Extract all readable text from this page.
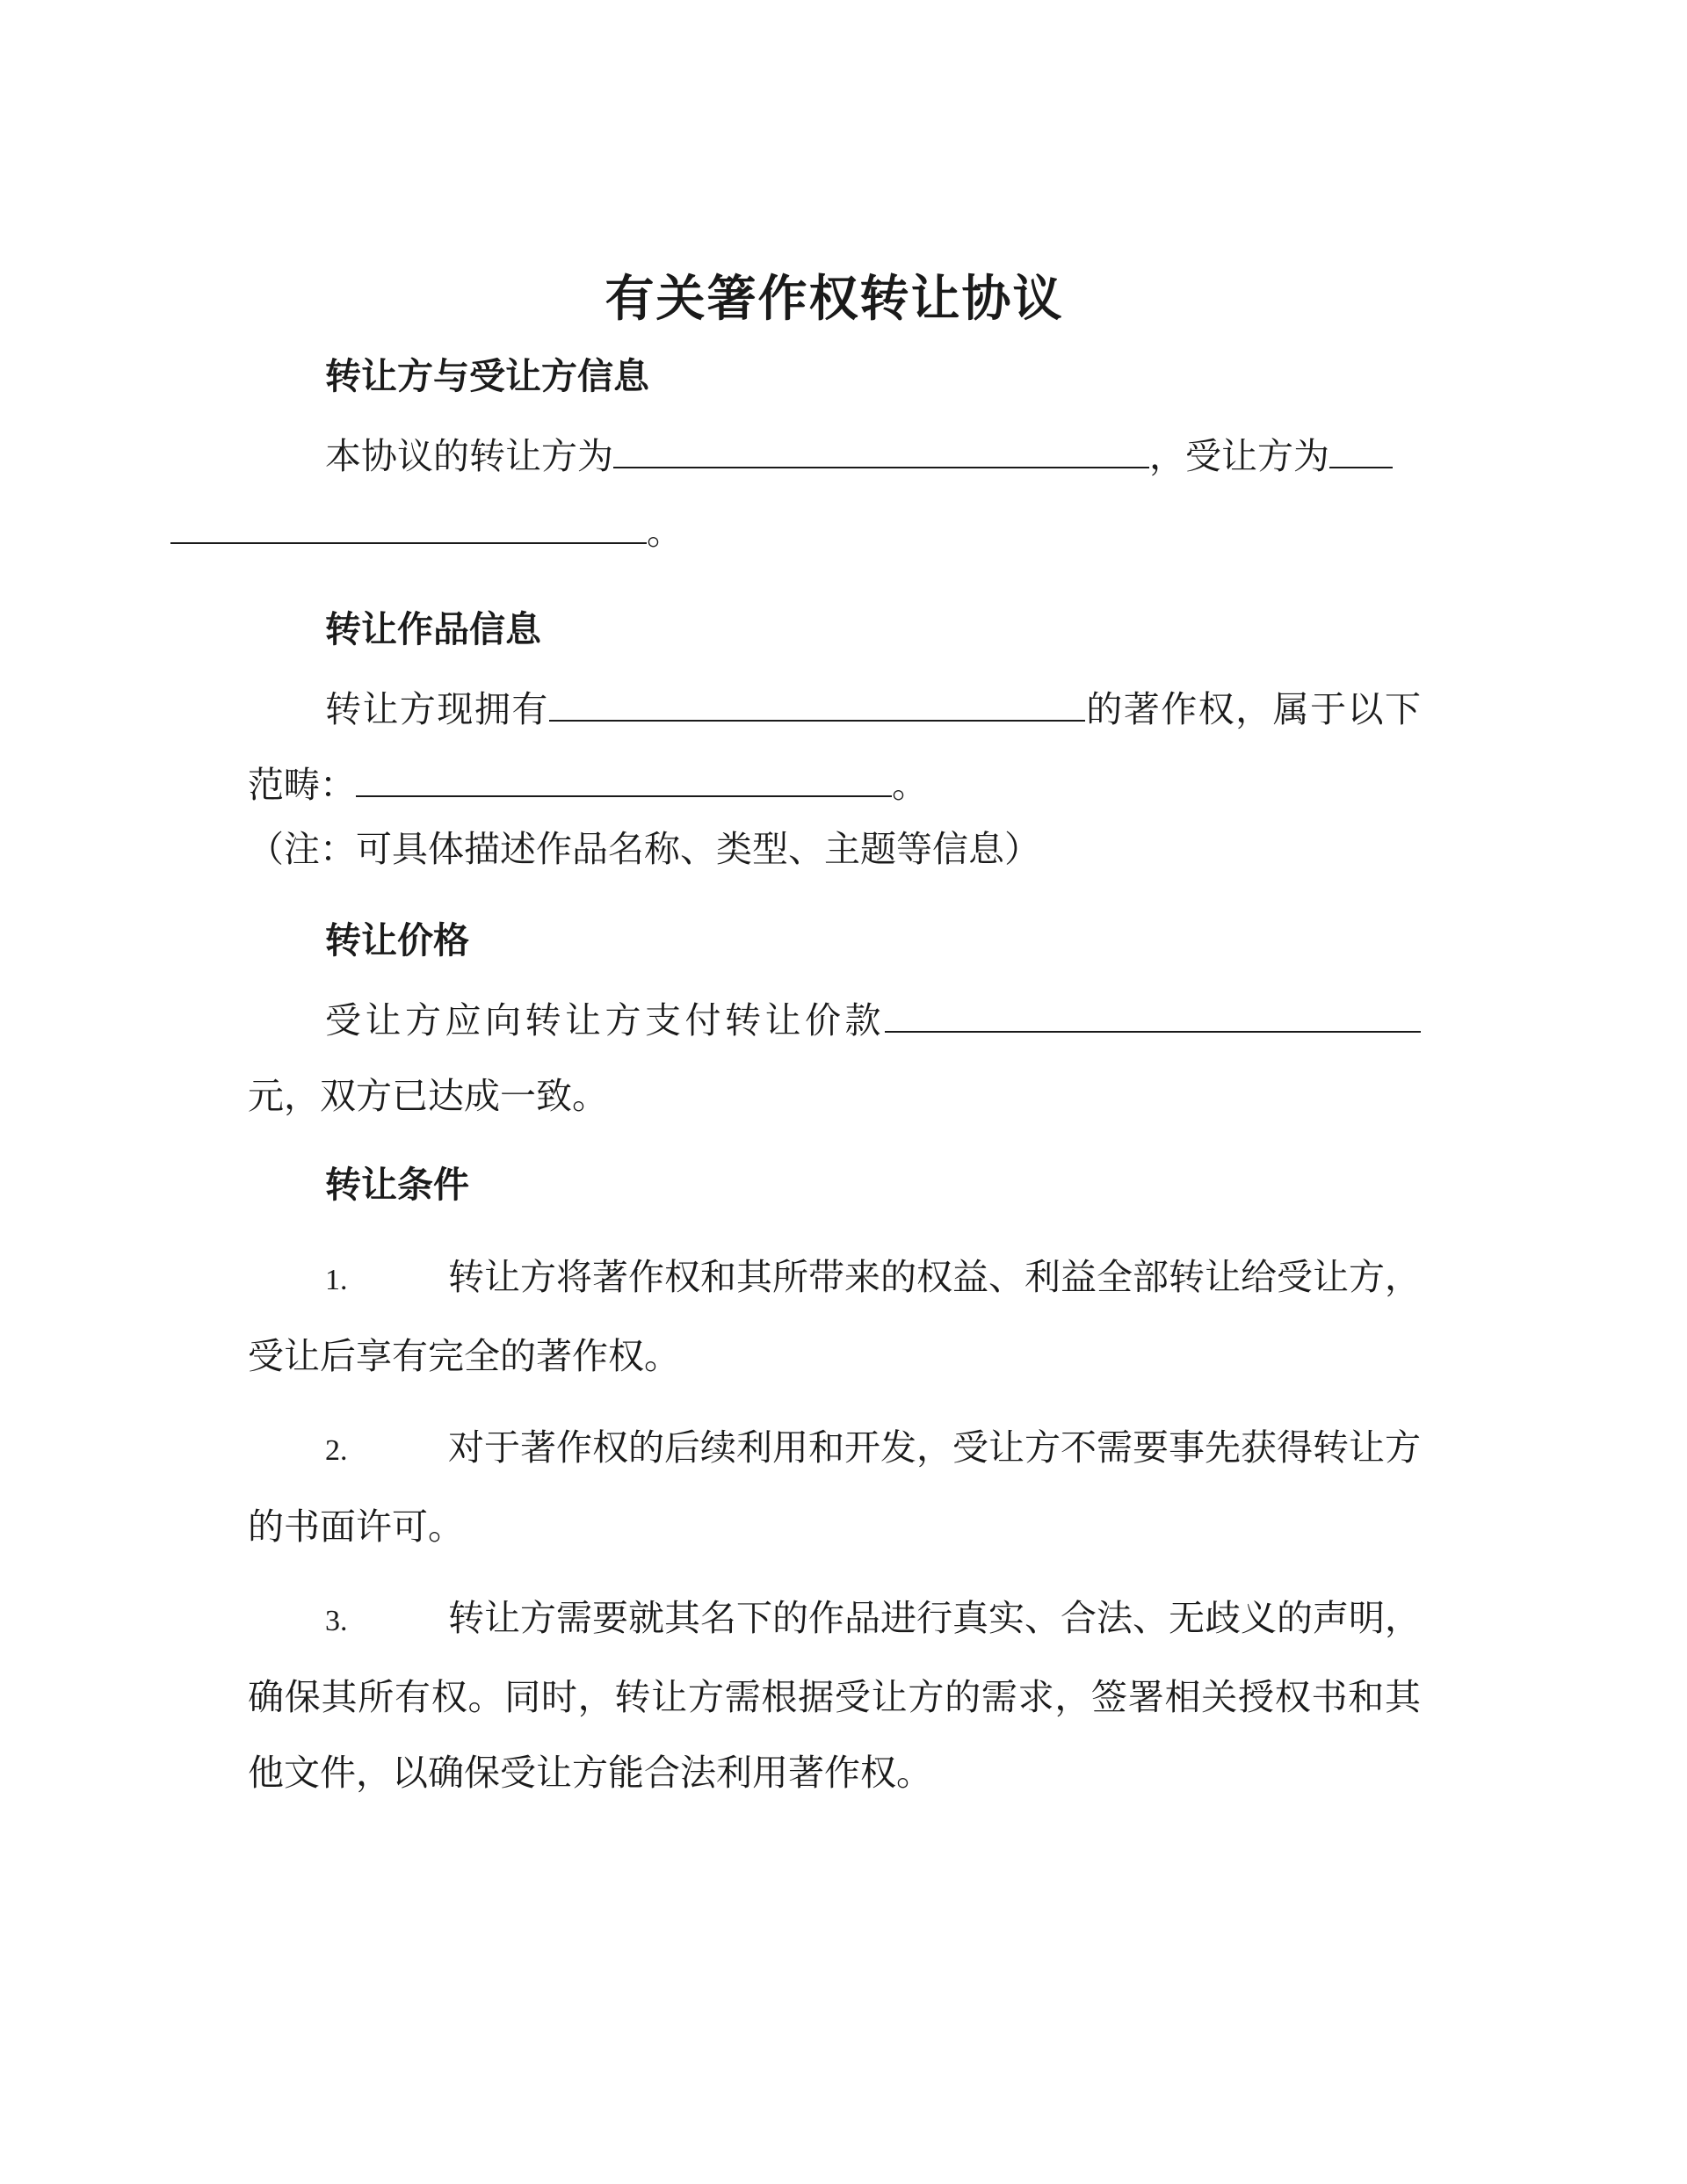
有关箸作权转让协议
转让方与受让方信息

本协议的转让方为	，受让方为
。

转让作品信息

转让方现拥有	的著作权，属于以下范畴：	。

（注：可具体描述作品名称、类型、主题等信息）

转让价格

受让方应向转让方支付转让价款元，双方已达成一致。

转让条件

1.	转让方将著作权和其所带来的权益、利益全部转让给受让方，受让后享有完全的著作权。

2.	对于著作权的后续利用和开发，受让方不需要事先获得转让方的书面许可。

3.	转让方需要就其名下的作品进行真实、合法、无歧义的声明，确保其所有权。同时，转让方需根据受让方的需求，签署相关授权书和其他文件，以确保受让方能合法利用著作权。
